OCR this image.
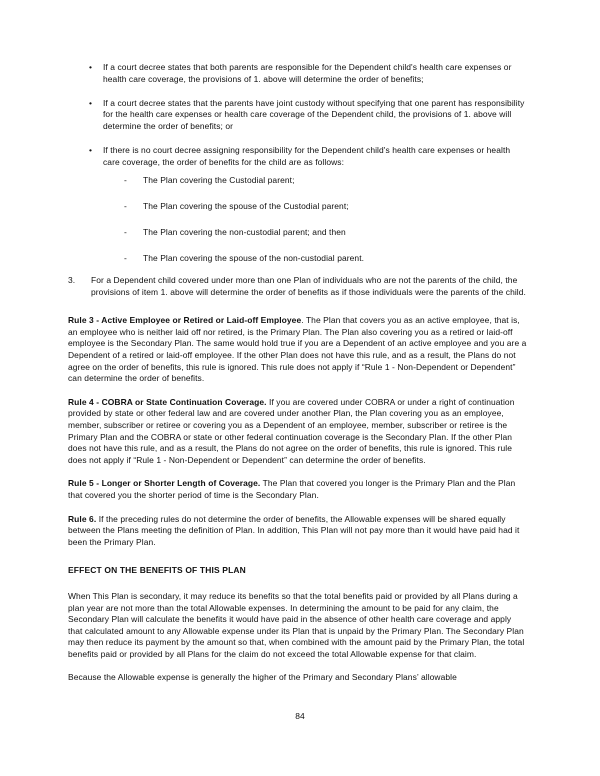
• If a court decree states that both parents are responsible for the Dependent child's health care expenses or health care coverage, the provisions of 1. above will determine the order of benefits;
• If a court decree states that the parents have joint custody without specifying that one parent has responsibility for the health care expenses or health care coverage of the Dependent child, the provisions of 1. above will determine the order of benefits; or
• If there is no court decree assigning responsibility for the Dependent child's health care expenses or health care coverage, the order of benefits for the child are as follows:
- The Plan covering the Custodial parent;
- The Plan covering the spouse of the Custodial parent;
- The Plan covering the non-custodial parent; and then
- The Plan covering the spouse of the non-custodial parent.
3. For a Dependent child covered under more than one Plan of individuals who are not the parents of the child, the provisions of item 1. above will determine the order of benefits as if those individuals were the parents of the child.

Rule 3 - Active Employee or Retired or Laid-off Employee. The Plan that covers you as an active employee, that is, an employee who is neither laid off nor retired, is the Primary Plan. The Plan also covering you as a retired or laid-off employee is the Secondary Plan. The same would hold true if you are a Dependent of an active employee and you are a Dependent of a retired or laid-off employee. If the other Plan does not have this rule, and as a result, the Plans do not agree on the order of benefits, this rule is ignored. This rule does not apply if “Rule 1 - Non-Dependent or Dependent” can determine the order of benefits.

Rule 4 - COBRA or State Continuation Coverage. If you are covered under COBRA or under a right of continuation provided by state or other federal law and are covered under another Plan, the Plan covering you as an employee, member, subscriber or retiree or covering you as a Dependent of an employee, member, subscriber or retiree is the Primary Plan and the COBRA or state or other federal continuation coverage is the Secondary Plan. If the other Plan does not have this rule, and as a result, the Plans do not agree on the order of benefits, this rule is ignored. This rule does not apply if “Rule 1 - Non-Dependent or Dependent” can determine the order of benefits.

Rule 5 - Longer or Shorter Length of Coverage. The Plan that covered you longer is the Primary Plan and the Plan that covered you the shorter period of time is the Secondary Plan.

Rule 6. If the preceding rules do not determine the order of benefits, the Allowable expenses will be shared equally between the Plans meeting the definition of Plan. In addition, This Plan will not pay more than it would have paid had it been the Primary Plan.

EFFECT ON THE BENEFITS OF THIS PLAN

When This Plan is secondary, it may reduce its benefits so that the total benefits paid or provided by all Plans during a plan year are not more than the total Allowable expenses. In determining the amount to be paid for any claim, the Secondary Plan will calculate the benefits it would have paid in the absence of other health care coverage and apply that calculated amount to any Allowable expense under its Plan that is unpaid by the Primary Plan. The Secondary Plan may then reduce its payment by the amount so that, when combined with the amount paid by the Primary Plan, the total benefits paid or provided by all Plans for the claim do not exceed the total Allowable expense for that claim.

Because the Allowable expense is generally the higher of the Primary and Secondary Plans’ allowable

84
